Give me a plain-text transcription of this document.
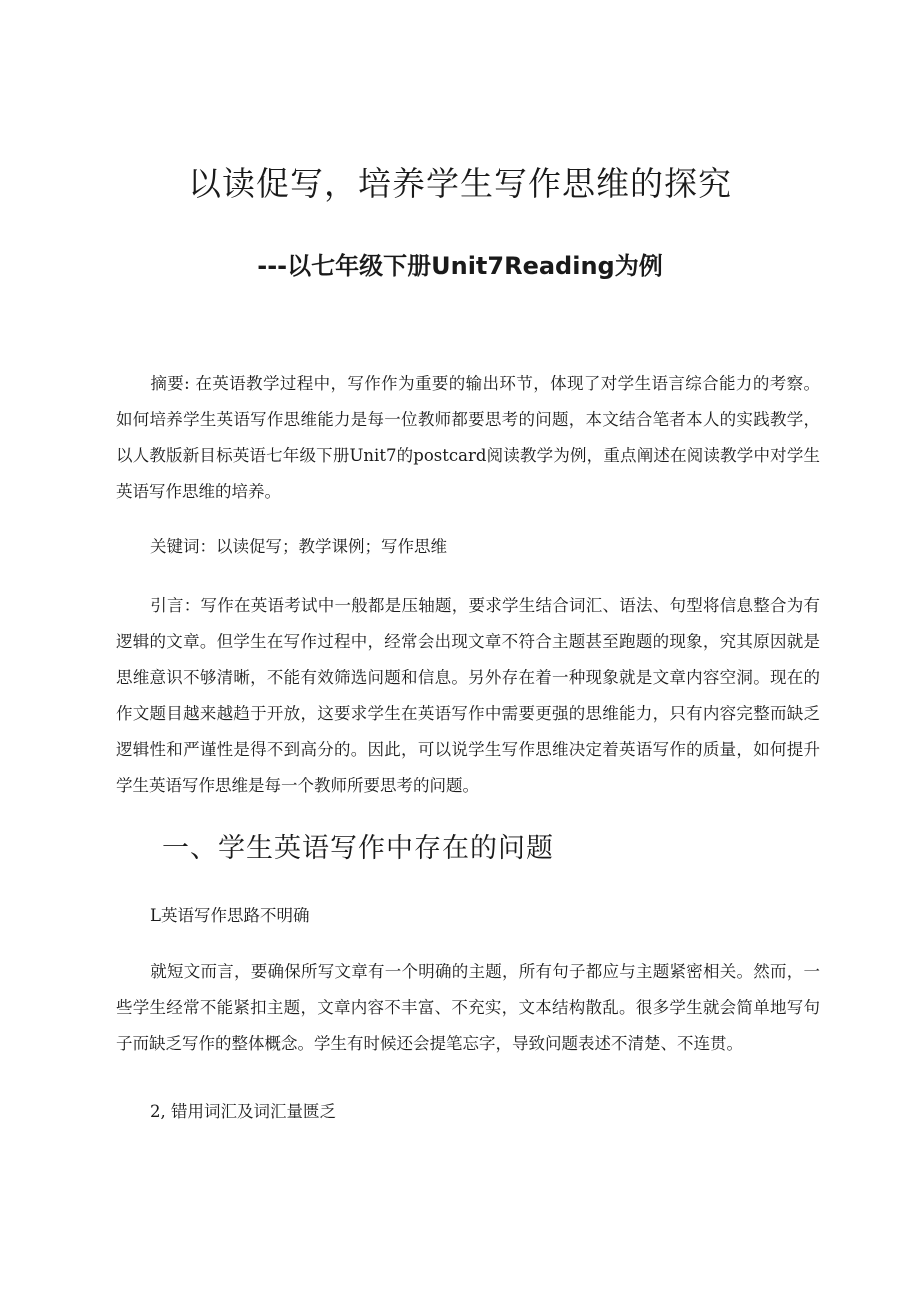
以读促写，培养学生写作思维的探究
---以七年级下册Unit7Reading为例

摘要: 在英语教学过程中，写作作为重要的输出环节，体现了对学生语言综合能力的考察。如何培养学生英语写作思维能力是每一位教师都要思考的问题，本文结合笔者本人的实践教学，以人教版新目标英语七年级下册Unit7的postcard阅读教学为例，重点阐述在阅读教学中对学生英语写作思维的培养。

关键词：以读促写；教学课例；写作思维

引言：写作在英语考试中一般都是压轴题，要求学生结合词汇、语法、句型将信息整合为有逻辑的文章。但学生在写作过程中，经常会出现文章不符合主题甚至跑题的现象，究其原因就是思维意识不够清晰，不能有效筛选问题和信息。另外存在着一种现象就是文章内容空洞。现在的作文题目越来越趋于开放，这要求学生在英语写作中需要更强的思维能力，只有内容完整而缺乏逻辑性和严谨性是得不到高分的。因此，可以说学生写作思维决定着英语写作的质量，如何提升学生英语写作思维是每一个教师所要思考的问题。

一、学生英语写作中存在的问题

L英语写作思路不明确

就短文而言，要确保所写文章有一个明确的主题，所有句子都应与主题紧密相关。然而，一些学生经常不能紧扣主题，文章内容不丰富、不充实，文本结构散乱。很多学生就会简单地写句子而缺乏写作的整体概念。学生有时候还会提笔忘字，导致问题表述不清楚、不连贯。

2, 错用词汇及词汇量匮乏
